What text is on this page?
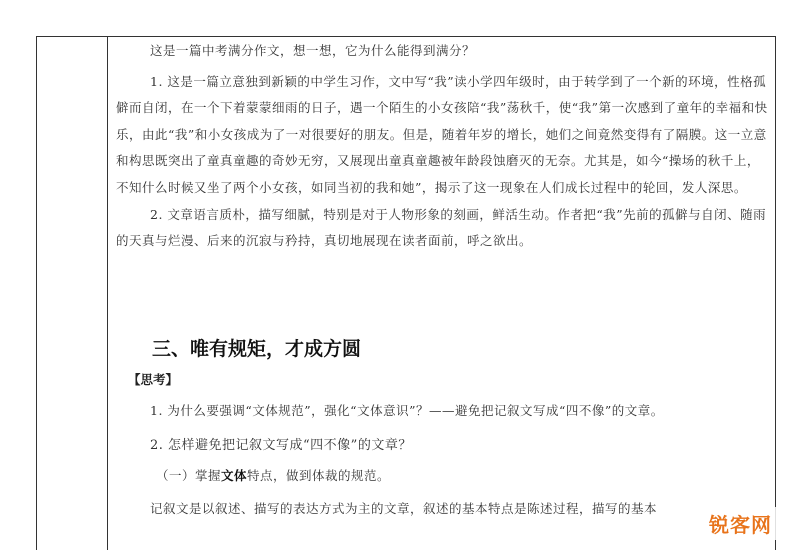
这是一篇中考满分作文，想一想，它为什么能得到满分？

1. 这是一篇立意独到新颖的中学生习作，文中写“我”读小学四年级时，由于转学到了一个新的环境，性格孤僻而自闭，在一个下着蒙蒙细雨的日子，遇一个陌生的小女孩陪“我”荡秋千，使“我”第一次感到了童年的幸福和快乐，由此“我”和小女孩成为了一对很要好的朋友。但是，随着年岁的增长，她们之间竟然变得有了隔膜。这一立意和构思既突出了童真童趣的奇妙无穷，又展现出童真童趣被年龄段蚀磨灭的无奈。尤其是，如今“操场的秋千上，不知什么时候又坐了两个小女孩，如同当初的我和她”，揭示了这一现象在人们成长过程中的轮回，发人深思。

2. 文章语言质朴，描写细腻，特别是对于人物形象的刻画，鲜活生动。作者把“我”先前的孤僻与自闭、随雨的天真与烂漫、后来的沉寂与矜持，真切地展现在读者面前，呼之欲出。

三、唯有规矩，才成方圆
【思考】

1. 为什么要强调“文体规范”，强化“文体意识”？——避免把记叙文写成“四不像”的文章。

2. 怎样避免把记叙文写成“四不像”的文章？

（一）掌握文体特点，做到体裁的规范。

记叙文是以叙述、描写的表达方式为主的文章，叙述的基本特点是陈述过程，描写的基本

锐客网
